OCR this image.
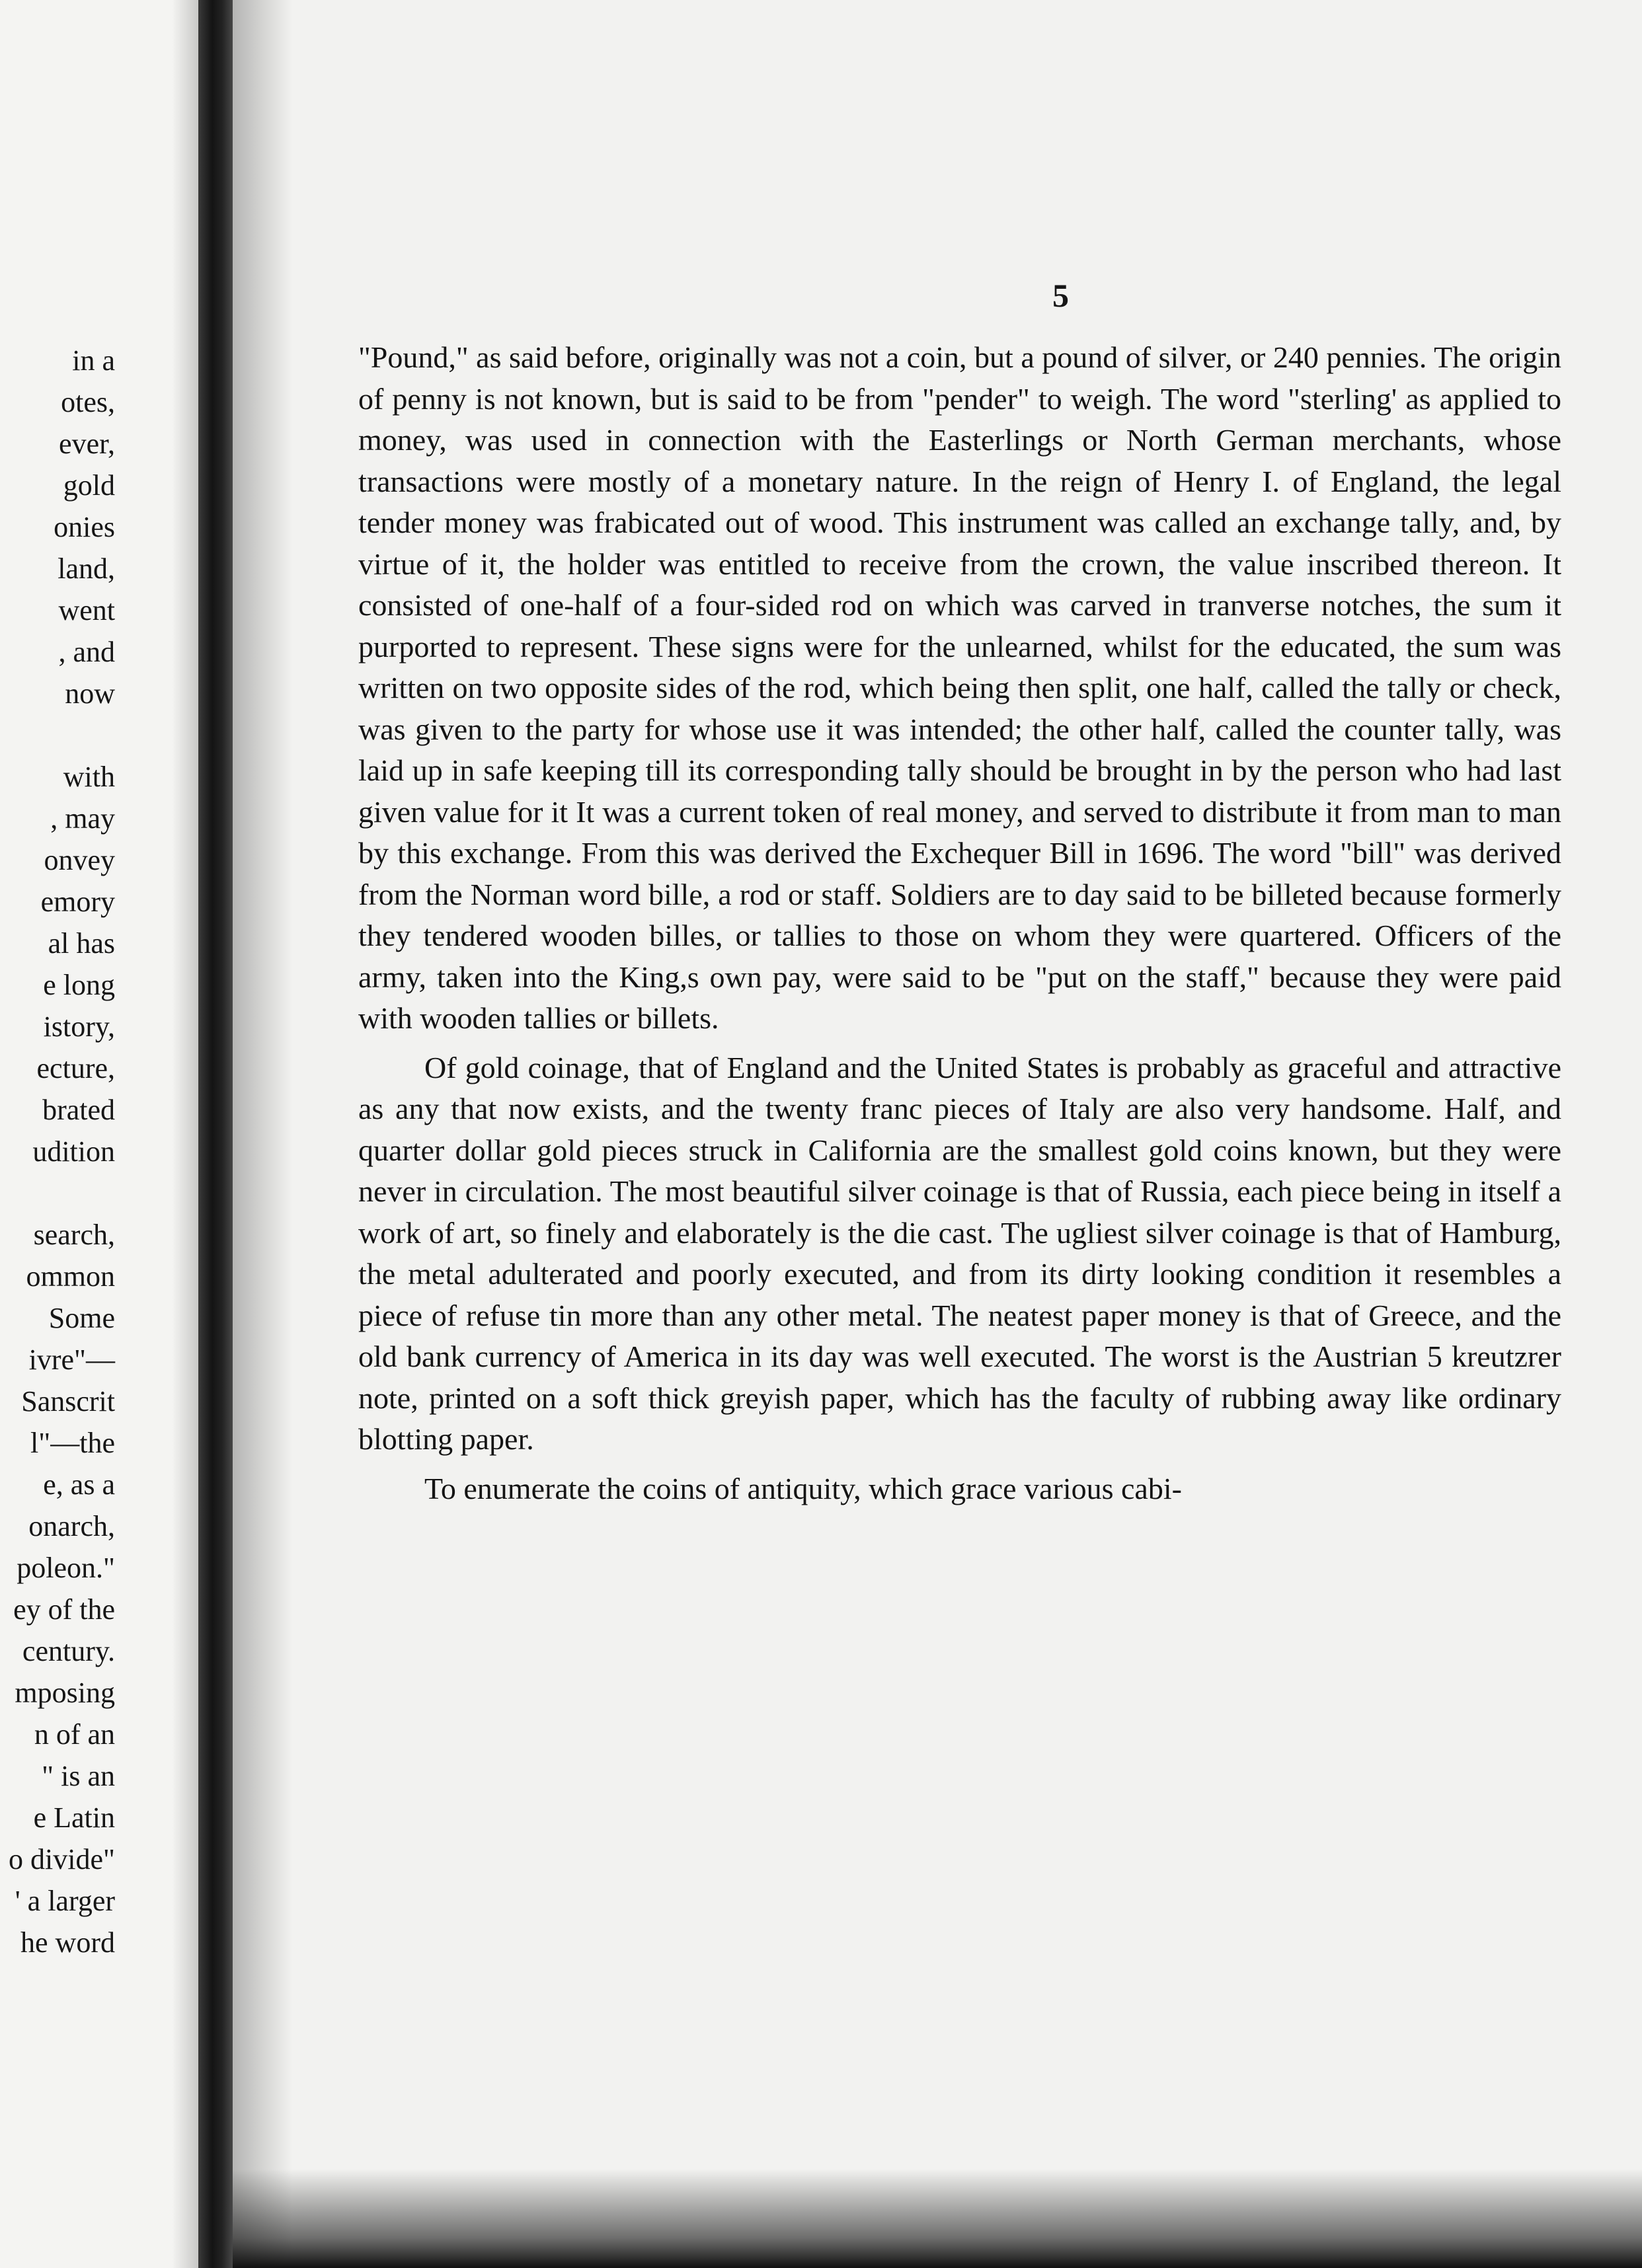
in a
otes,
ever,
gold
onies
land,
went
, and
now
with
, may
onvey
emory
al has
e long
istory,
ecture,
brated
udition
search,
ommon
Some
ivre"—
Sanscrit
l"—the
e, as a
onarch,
poleon."
ey of the
century.
mposing
n of an
" is an
e Latin
o divide"
' a larger
he word
5

"Pound," as said before, originally was not a coin, but a pound of silver, or 240 pennies. The origin of penny is not known, but is said to be from "pender" to weigh. The word "sterling' as applied to money, was used in connection with the Easterlings or North German merchants, whose transactions were mostly of a monetary nature. In the reign of Henry I. of England, the legal tender money was frabicated out of wood. This instrument was called an exchange tally, and, by virtue of it, the holder was entitled to receive from the crown, the value inscribed thereon. It consisted of one-half of a four-sided rod on which was carved in tranverse notches, the sum it purported to represent. These signs were for the unlearned, whilst for the educated, the sum was written on two opposite sides of the rod, which being then split, one half, called the tally or check, was given to the party for whose use it was intended; the other half, called the counter tally, was laid up in safe keeping till its corresponding tally should be brought in by the person who had last given value for it It was a current token of real money, and served to distribute it from man to man by this exchange. From this was derived the Exchequer Bill in 1696. The word "bill" was derived from the Norman word bille, a rod or staff. Soldiers are to day said to be billeted because formerly they tendered wooden billes, or tallies to those on whom they were quartered. Officers of the army, taken into the King,s own pay, were said to be "put on the staff," because they were paid with wooden tallies or billets.

Of gold coinage, that of England and the United States is probably as graceful and attractive as any that now exists, and the twenty franc pieces of Italy are also very handsome. Half, and quarter dollar gold pieces struck in California are the smallest gold coins known, but they were never in circulation. The most beautiful silver coinage is that of Russia, each piece being in itself a work of art, so finely and elaborately is the die cast. The ugliest silver coinage is that of Hamburg, the metal adulterated and poorly executed, and from its dirty looking condition it resembles a piece of refuse tin more than any other metal. The neatest paper money is that of Greece, and the old bank currency of America in its day was well executed. The worst is the Austrian 5 kreutzrer note, printed on a soft thick greyish paper, which has the faculty of rubbing away like ordinary blotting paper.

To enumerate the coins of antiquity, which grace various cabi-
